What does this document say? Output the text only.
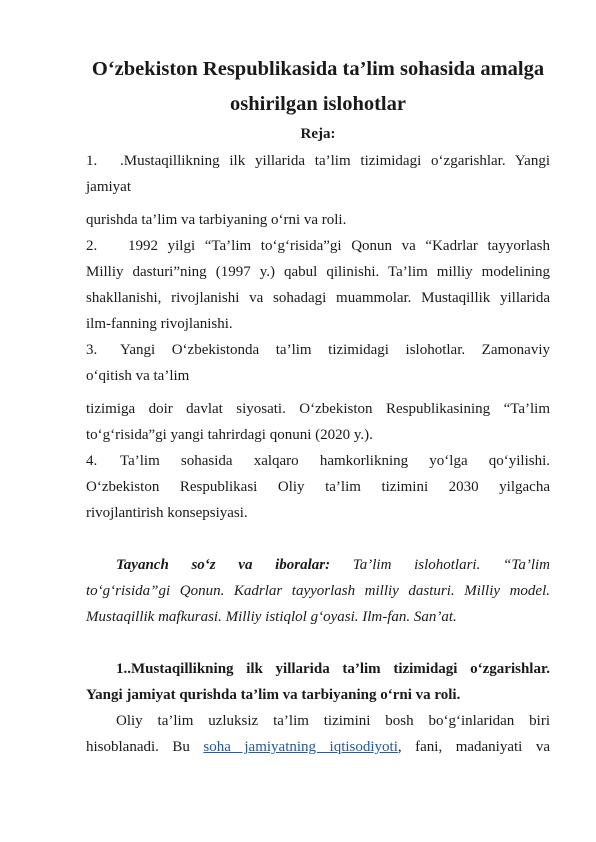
O‘zbekiston Respublikasida ta’lim sohasida amalga
oshirilgan islohotlar
Reja:
1. .Mustaqillikning ilk yillarida ta’lim tizimidagi o‘zgarishlar. Yangi
jamiyat
qurishda ta’lim va tarbiyaning o‘rni va roli.
2. 1992 yilgi “Ta’lim to‘g‘risida”gi Qonun va “Kadrlar tayyorlash
Milliy dasturi”ning (1997 y.) qabul qilinishi. Ta’lim milliy modelining
shakllanishi, rivojlanishi va sohadagi muammolar. Mustaqillik yillarida
ilm-fanning rivojlanishi.
3. Yangi O‘zbekistonda ta’lim tizimidagi islohotlar. Zamonaviy
o‘qitish va ta’lim
tizimiga doir davlat siyosati. O‘zbekiston Respublikasining “Ta’lim
to‘g‘risida”gi yangi tahrirdagi qonuni (2020 y.).
4. Ta’lim sohasida xalqaro hamkorlikning yo‘lga qo‘yilishi.
O‘zbekiston Respublikasi Oliy ta’lim tizimini 2030 yilgacha
rivojlantirish konsepsiyasi.
Tayanch so‘z va iboralar: Ta’lim islohotlari. “Ta’lim
to‘g‘risida”gi Qonun. Kadrlar tayyorlash milliy dasturi. Milliy model.
Mustaqillik mafkurasi. Milliy istiqlol g‘oyasi. Ilm-fan. San’at.
1..Mustaqillikning ilk yillarida ta’lim tizimidagi o‘zgarishlar.
Yangi jamiyat qurishda ta’lim va tarbiyaning o‘rni va roli.
Oliy ta’lim uzluksiz ta’lim tizimini bosh bo‘g‘inlaridan biri
hisoblanadi. Bu soha jamiyatning iqtisodiyoti, fani, madaniyati va
